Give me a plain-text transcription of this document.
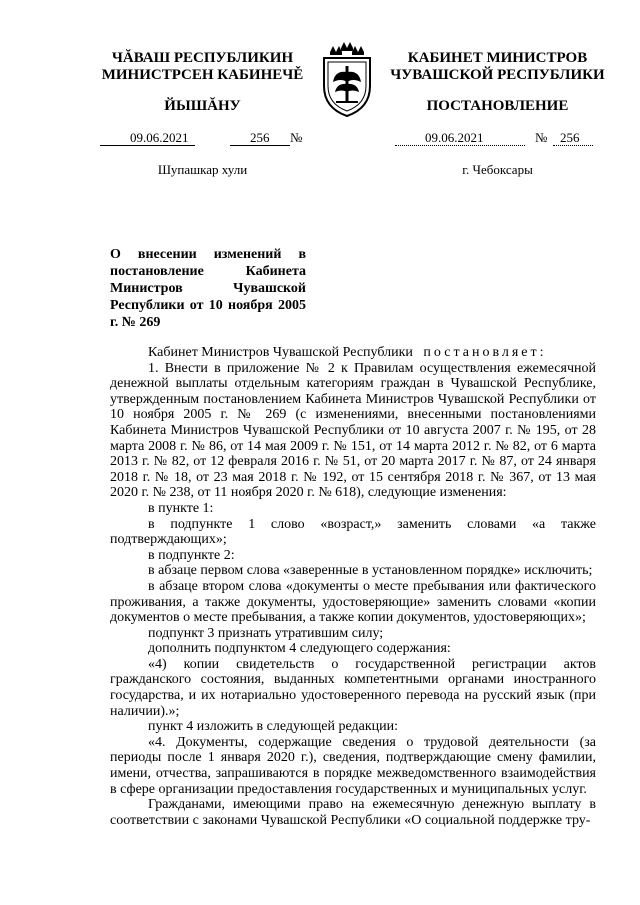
ЧĂВАШ РЕСПУБЛИКИН
МИНИСТРСЕН КАБИНЕЧĚ
ЙЫШĂНУ
09.06.2021	256 №
Шупашкар хули
КАБИНЕТ МИНИСТРОВ
ЧУВАШСКОЙ РЕСПУБЛИКИ
ПОСТАНОВЛЕНИЕ
09.06.2021	№ 256
г. Чебоксары
О внесении изменений в постановление Кабинета Министров Чувашской Республики от 10 ноября 2005 г. № 269

Кабинет Министров Чувашской Республики постановляет:

1. Внести в приложение № 2 к Правилам осуществления ежемесячной денежной выплаты отдельным категориям граждан в Чувашской Республике, утвержденным постановлением Кабинета Министров Чувашской Республики от 10 ноября 2005 г. № 269 (с изменениями, внесенными постановлениями Кабинета Министров Чувашской Республики от 10 августа 2007 г. № 195, от 28 марта 2008 г. № 86, от 14 мая 2009 г. № 151, от 14 марта 2012 г. № 82, от 6 марта 2013 г. № 82, от 12 февраля 2016 г. № 51, от 20 марта 2017 г. № 87, от 24 января 2018 г. № 18, от 23 мая 2018 г. № 192, от 15 сентября 2018 г. № 367, от 13 мая 2020 г. № 238, от 11 ноября 2020 г. № 618), следующие изменения:

в пункте 1:

в подпункте 1 слово «возраст,» заменить словами «а также подтверждающих»;

в подпункте 2:

в абзаце первом слова «заверенные в установленном порядке» исключить;

в абзаце втором слова «документы о месте пребывания или фактического проживания, а также документы, удостоверяющие» заменить словами «копии документов о месте пребывания, а также копии документов, удостоверяющих»;

подпункт 3 признать утратившим силу;

дополнить подпунктом 4 следующего содержания:

«4) копии свидетельств о государственной регистрации актов гражданского состояния, выданных компетентными органами иностранного государства, и их нотариально удостоверенного перевода на русский язык (при наличии).»;

пункт 4 изложить в следующей редакции:

«4. Документы, содержащие сведения о трудовой деятельности (за периоды после 1 января 2020 г.), сведения, подтверждающие смену фамилии, имени, отчества, запрашиваются в порядке межведомственного взаимодействия в сфере организации предоставления государственных и муниципальных услуг.

Гражданами, имеющими право на ежемесячную денежную выплату в соответствии с законами Чувашской Республики «О социальной поддержке тру-
